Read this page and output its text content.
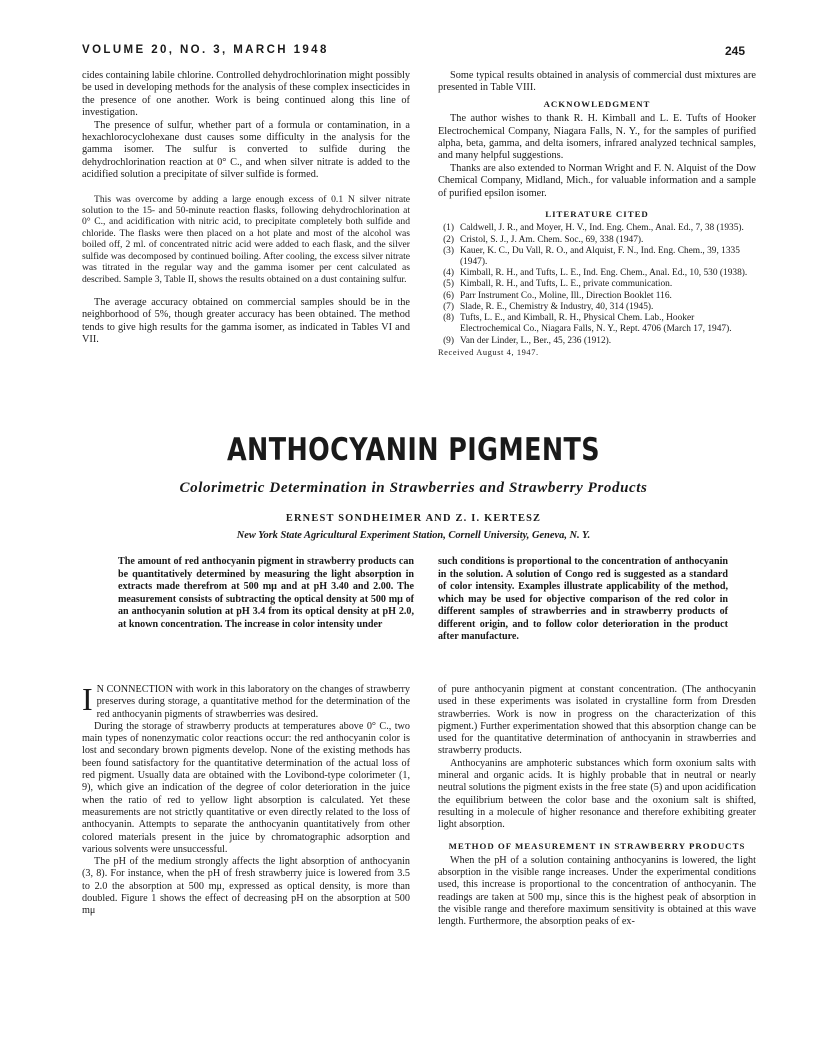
VOLUME 20, NO. 3, MARCH 1948	245

cides containing labile chlorine. Controlled dehydrochlorination might possibly be used in developing methods for the analysis of these complex insecticides in the presence of one another. Work is being continued along this line of investigation.

The presence of sulfur, whether part of a formula or contamination, in a hexachlorocyclohexane dust causes some difficulty in the analysis for the gamma isomer. The sulfur is converted to sulfide during the dehydrochlorination reaction at 0° C., and when silver nitrate is added to the acidified solution a precipitate of silver sulfide is formed.

This was overcome by adding a large enough excess of 0.1 N silver nitrate solution to the 15- and 50-minute reaction flasks, following dehydrochlorination at 0° C., and acidification with nitric acid, to precipitate completely both sulfide and chloride. The flasks were then placed on a hot plate and most of the alcohol was boiled off, 2 ml. of concentrated nitric acid were added to each flask, and the silver sulfide was decomposed by continued boiling. After cooling, the excess silver nitrate was titrated in the regular way and the gamma isomer per cent calculated as described. Sample 3, Table II, shows the results obtained on a dust containing sulfur.

The average accuracy obtained on commercial samples should be in the neighborhood of 5%, though greater accuracy has been obtained. The method tends to give high results for the gamma isomer, as indicated in Tables VI and VII.

Some typical results obtained in analysis of commercial dust mixtures are presented in Table VIII.

ACKNOWLEDGMENT

The author wishes to thank R. H. Kimball and L. E. Tufts of Hooker Electrochemical Company, Niagara Falls, N. Y., for the samples of purified alpha, beta, gamma, and delta isomers, infrared analyzed technical samples, and many helpful suggestions.

Thanks are also extended to Norman Wright and F. N. Alquist of the Dow Chemical Company, Midland, Mich., for valuable information and a sample of purified epsilon isomer.

LITERATURE CITED
(1) Caldwell, J. R., and Moyer, H. V., Ind. Eng. Chem., Anal. Ed., 7, 38 (1935).
(2) Cristol, S. J., J. Am. Chem. Soc., 69, 338 (1947).
(3) Kauer, K. C., Du Vall, R. O., and Alquist, F. N., Ind. Eng. Chem., 39, 1335 (1947).
(4) Kimball, R. H., and Tufts, L. E., Ind. Eng. Chem., Anal. Ed., 10, 530 (1938).
(5) Kimball, R. H., and Tufts, L. E., private communication.
(6) Parr Instrument Co., Moline, Ill., Direction Booklet 116.
(7) Slade, R. E., Chemistry & Industry, 40, 314 (1945).
(8) Tufts, L. E., and Kimball, R. H., Physical Chem. Lab., Hooker Electrochemical Co., Niagara Falls, N. Y., Rept. 4706 (March 17, 1947).
(9) Van der Linder, L., Ber., 45, 236 (1912).

Received August 4, 1947.

ANTHOCYANIN PIGMENTS
Colorimetric Determination in Strawberries and Strawberry Products
ERNEST SONDHEIMER AND Z. I. KERTESZ
New York State Agricultural Experiment Station, Cornell University, Geneva, N. Y.
The amount of red anthocyanin pigment in strawberry products can be quantitatively determined by measuring the light absorption in extracts made therefrom at 500 mμ and at pH 3.40 and 2.00. The measurement consists of subtracting the optical density at 500 mμ of an anthocyanin solution at pH 3.4 from its optical density at pH 2.0, at known concentration. The increase in color intensity under
such conditions is proportional to the concentration of anthocyanin in the solution. A solution of Congo red is suggested as a standard of color intensity. Examples illustrate applicability of the method, which may be used for objective comparison of the red color in different samples of strawberries and in strawberry products of different origin, and to follow color deterioration in the product after manufacture.

I N CONNECTION with work in this laboratory on the changes of strawberry preserves during storage, a quantitative method for the determination of the red anthocyanin pigments of strawberries was desired.

During the storage of strawberry products at temperatures above 0° C., two main types of nonenzymatic color reactions occur: the red anthocyanin color is lost and secondary brown pigments develop. None of the existing methods has been found satisfactory for the quantitative determination of the actual loss of red pigment. Usually data are obtained with the Lovibond-type colorimeter (1, 9), which give an indication of the degree of color deterioration in the juice when the ratio of red to yellow light absorption is calculated. Yet these measurements are not strictly quantitative or even directly related to the loss of anthocyanin. Attempts to separate the anthocyanin quantitatively from other colored materials present in the juice by chromatographic adsorption and various solvents were unsuccessful.

The pH of the medium strongly affects the light absorption of anthocyanin (3, 8). For instance, when the pH of fresh strawberry juice is lowered from 3.5 to 2.0 the absorption at 500 mμ, expressed as optical density, is more than doubled. Figure 1 shows the effect of decreasing pH on the absorption at 500 mμ

of pure anthocyanin pigment at constant concentration. (The anthocyanin used in these experiments was isolated in crystalline form from Dresden strawberries. Work is now in progress on the characterization of this pigment.) Further experimentation showed that this absorption change can be used for the quantitative determination of anthocyanin in strawberries and strawberry products.

Anthocyanins are amphoteric substances which form oxonium salts with mineral and organic acids. It is highly probable that in neutral or nearly neutral solutions the pigment exists in the free state (5) and upon acidification the equilibrium between the color base and the oxonium salt is shifted, resulting in a molecule of higher resonance and therefore exhibiting greater light absorption.

METHOD OF MEASUREMENT IN STRAWBERRY PRODUCTS

When the pH of a solution containing anthocyanins is lowered, the light absorption in the visible range increases. Under the experimental conditions used, this increase is proportional to the concentration of anthocyanin. The readings are taken at 500 mμ, since this is the highest peak of absorption in the visible range and therefore maximum sensitivity is obtained at this wave length. Furthermore, the absorption peaks of ex-
